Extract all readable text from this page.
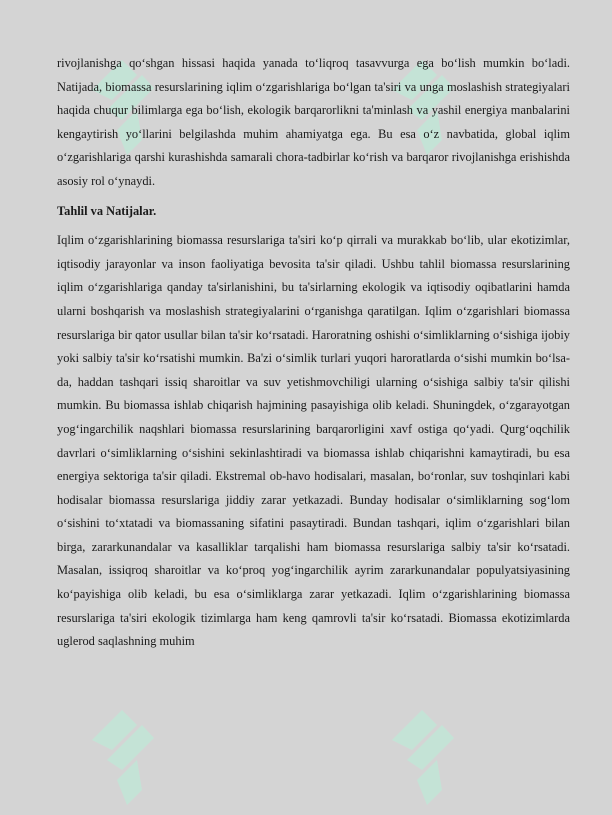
rivojlanishga qo‘shgan hissasi haqida yanada to‘liqroq tasavvurga ega bo‘lish mumkin bo‘ladi. Natijada, biomassa resurslarining iqlim o‘zgarishlariga bo‘lgan ta'siri va unga moslashish strategiyalari haqida chuqur bilimlarga ega bo‘lish, ekologik barqarorlikni ta'minlash va yashil energiya manbalarini kengaytirish yo‘llarini belgilashda muhim ahamiyatga ega. Bu esa o‘z navbatida, global iqlim o‘zgarishlariga qarshi kurashishda samarali chora-tadbirlar ko‘rish va barqaror rivojlanishga erishishda asosiy rol o‘ynaydi.

Tahlil va Natijalar.

Iqlim o‘zgarishlarining biomassa resurslariga ta'siri ko‘p qirrali va murakkab bo‘lib, ular ekotizimlar, iqtisodiy jarayonlar va inson faoliyatiga bevosita ta'sir qiladi. Ushbu tahlil biomassa resurslarining iqlim o‘zgarishlariga qanday ta'sirlanishini, bu ta'sirlarning ekologik va iqtisodiy oqibatlarini hamda ularni boshqarish va moslashish strategiyalarini o‘rganishga qaratilgan. Iqlim o‘zgarishlari biomassa resurslariga bir qator usullar bilan ta'sir ko‘rsatadi. Haroratning oshishi o‘simliklarning o‘sishiga ijobiy yoki salbiy ta'sir ko‘rsatishi mumkin. Ba'zi o‘simlik turlari yuqori haroratlarda o‘sishi mumkin bo‘lsa-da, haddan tashqari issiq sharoitlar va suv yetishmovchiligi ularning o‘sishiga salbiy ta'sir qilishi mumkin. Bu biomassa ishlab chiqarish hajmining pasayishiga olib keladi. Shuningdek, o‘zgarayotgan yog‘ingarchilik naqshlari biomassa resurslarining barqarorligini xavf ostiga qo‘yadi. Qurg‘oqchilik davrlari o‘simliklarning o‘sishini sekinlashtiradi va biomassa ishlab chiqarishni kamaytiradi, bu esa energiya sektoriga ta'sir qiladi. Ekstremal ob-havo hodisalari, masalan, bo‘ronlar, suv toshqinlari kabi hodisalar biomassa resurslariga jiddiy zarar yetkazadi. Bunday hodisalar o‘simliklarning sog‘lom o‘sishini to‘xtatadi va biomassaning sifatini pasaytiradi. Bundan tashqari, iqlim o‘zgarishlari bilan birga, zararkunandalar va kasalliklar tarqalishi ham biomassa resurslariga salbiy ta'sir ko‘rsatadi. Masalan, issiqroq sharoitlar va ko‘proq yog‘ingarchilik ayrim zararkunandalar populyatsiyasining ko‘payishiga olib keladi, bu esa o‘simliklarga zarar yetkazadi. Iqlim o‘zgarishlarining biomassa resurslariga ta'siri ekologik tizimlarga ham keng qamrovli ta'sir ko‘rsatadi. Biomassa ekotizimlarda uglerod saqlashning muhim
